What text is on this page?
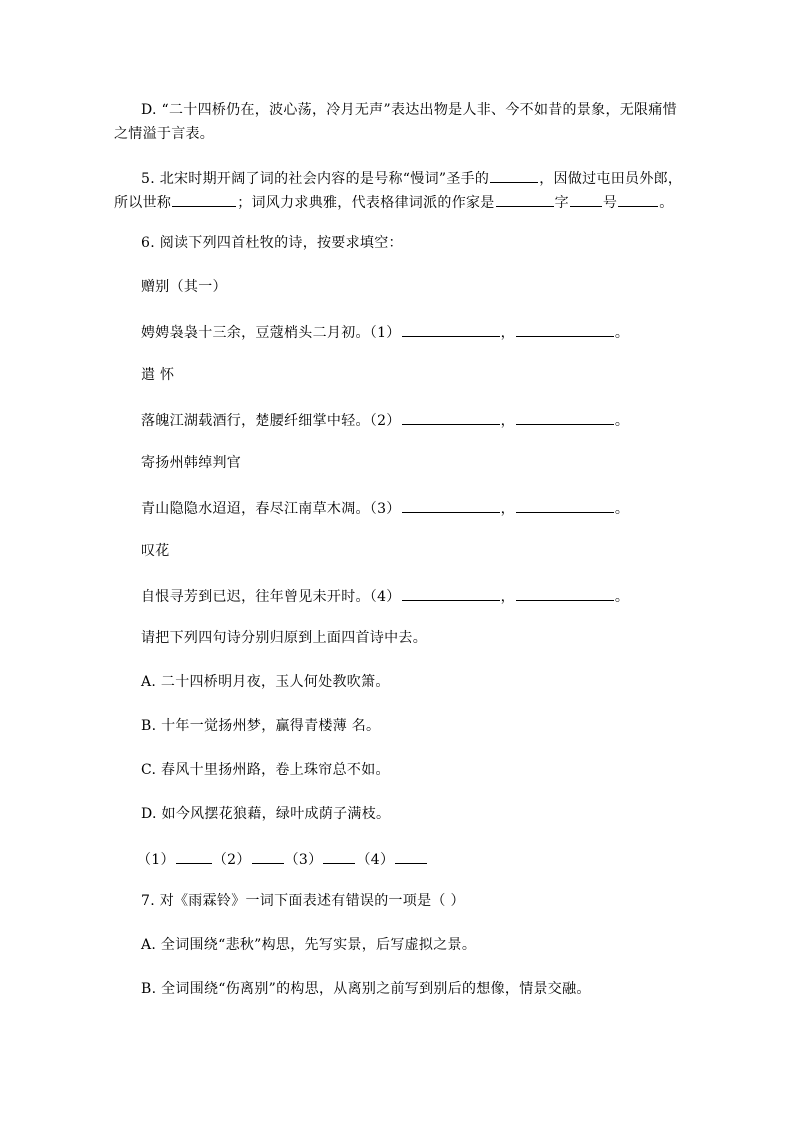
D. “二十四桥仍在，波心荡，冷月无声”表达出物是人非、今不如昔的景象，无限痛惜
之情溢于言表。
5. 北宋时期开阔了词的社会内容的是号称“慢词”圣手的	，因做过屯田员外郎，
所以世称	；词风力求典雅，代表格律词派的作家是	字 号	。
6. 阅读下列四首杜牧的诗，按要求填空：
赠别（其一）
娉娉袅袅十三余，豆蔻梢头二月初。（1）	，	。
遣 怀
落魄江湖载酒行，楚腰纤细掌中轻。（2）	，	。
寄扬州韩绰判官
青山隐隐水迢迢，春尽江南草木凋。（3）	，	。
叹花
自恨寻芳到已迟，往年曾见未开时。（4）	，	。
请把下列四句诗分别归原到上面四首诗中去。
A. 二十四桥明月夜，玉人何处教吹箫。
B. 十年一觉扬州梦，赢得青楼薄 名。
C. 春风十里扬州路，卷上珠帘总不如。
D. 如今风摆花狼藉，绿叶成荫子满枝。
（1）	（2） （3） （4）
7. 对《雨霖铃》一词下面表述有错误的一项是（ ）
A. 全词围绕“悲秋”构思，先写实景，后写虚拟之景。
B. 全词围绕“伤离别”的构思，从离别之前写到别后的想像，情景交融。
